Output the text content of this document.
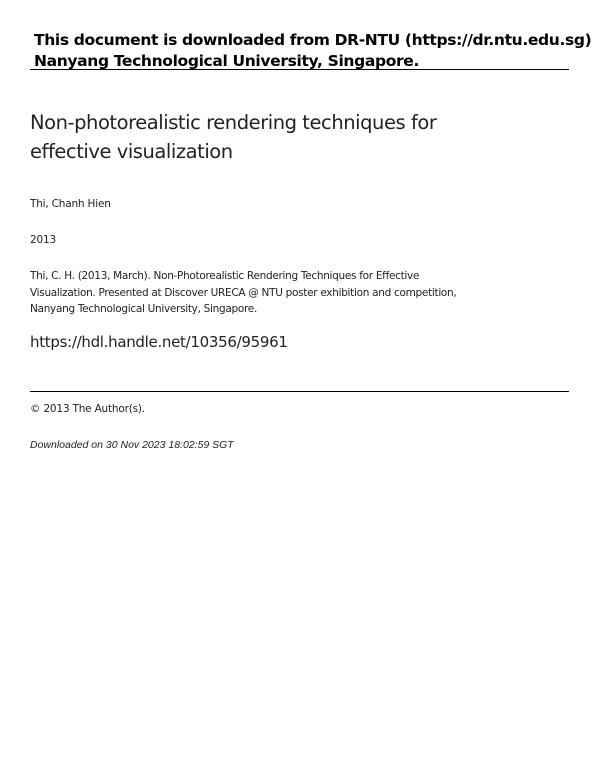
This document is downloaded from DR‑NTU (https://dr.ntu.edu.sg)
Nanyang Technological University, Singapore.
Non‑photorealistic rendering techniques for
effective visualization
Thi, Chanh Hien
2013
Thi, C. H. (2013, March). Non‑Photorealistic Rendering Techniques for Effective
Visualization. Presented at Discover URECA @ NTU poster exhibition and competition,
Nanyang Technological University, Singapore.
https://hdl.handle.net/10356/95961
© 2013 The Author(s).
Downloaded on 30 Nov 2023 18:02:59 SGT
